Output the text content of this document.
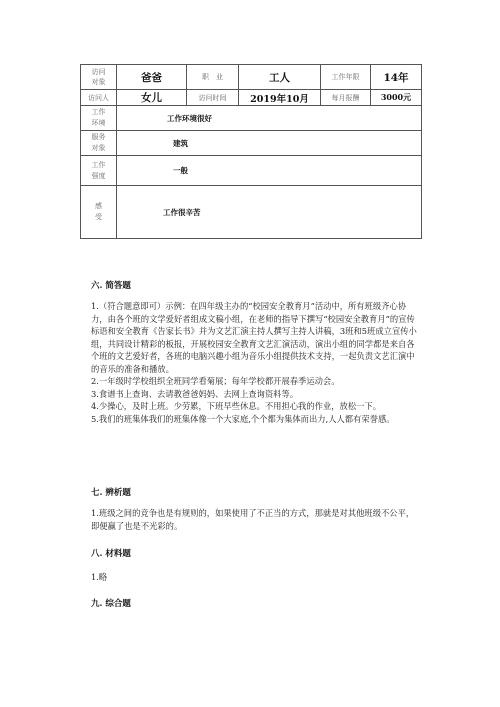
访问
对象	爸爸	职　业	工人	工作年限	14年
访问人	女儿	访问时间	2019年10月	每月报酬	3000元

工作
环境	工作环境很好				

服务
对象	建筑				

工作
强度	一般				

感
受	工作很辛苦				
六. 简答题

1.（符合题意即可）示例：在四年级主办的“校园安全教育月”活动中，所有班级齐心协力，由各个班的文学爱好者组成文稿小组，在老师的指导下撰写“校园安全教育月”的宣传标语和安全教育《告家长书》并为文艺汇演主持人撰写主持人讲稿，3班和5班成立宣传小组，共同设计精彩的板报，开展校园安全教育文艺汇演活动，演出小组的同学都是来自各个班的文艺爱好者，各班的电脑兴趣小组为音乐小组提供技术支持，一起负责文艺汇演中的音乐的准备和播放。

2.一年级时学校组织全班同学看菊展；每年学校都开展春季运动会。

3.食谱书上查询、去请教爸爸妈妈、去网上查询资料等。

4.少操心，及时上班。少劳累，下班早些休息。不用担心我的作业，放松一下。

5.我们的班集体我们的班集体像一个大家庭,个个都为集体而出力,人人都有荣誉感。

七. 辨析题

1.班级之间的竞争也是有规则的，如果使用了不正当的方式，那就是对其他班级不公平，即便赢了也是不光彩的。

八. 材料题

1.略

九. 综合题
